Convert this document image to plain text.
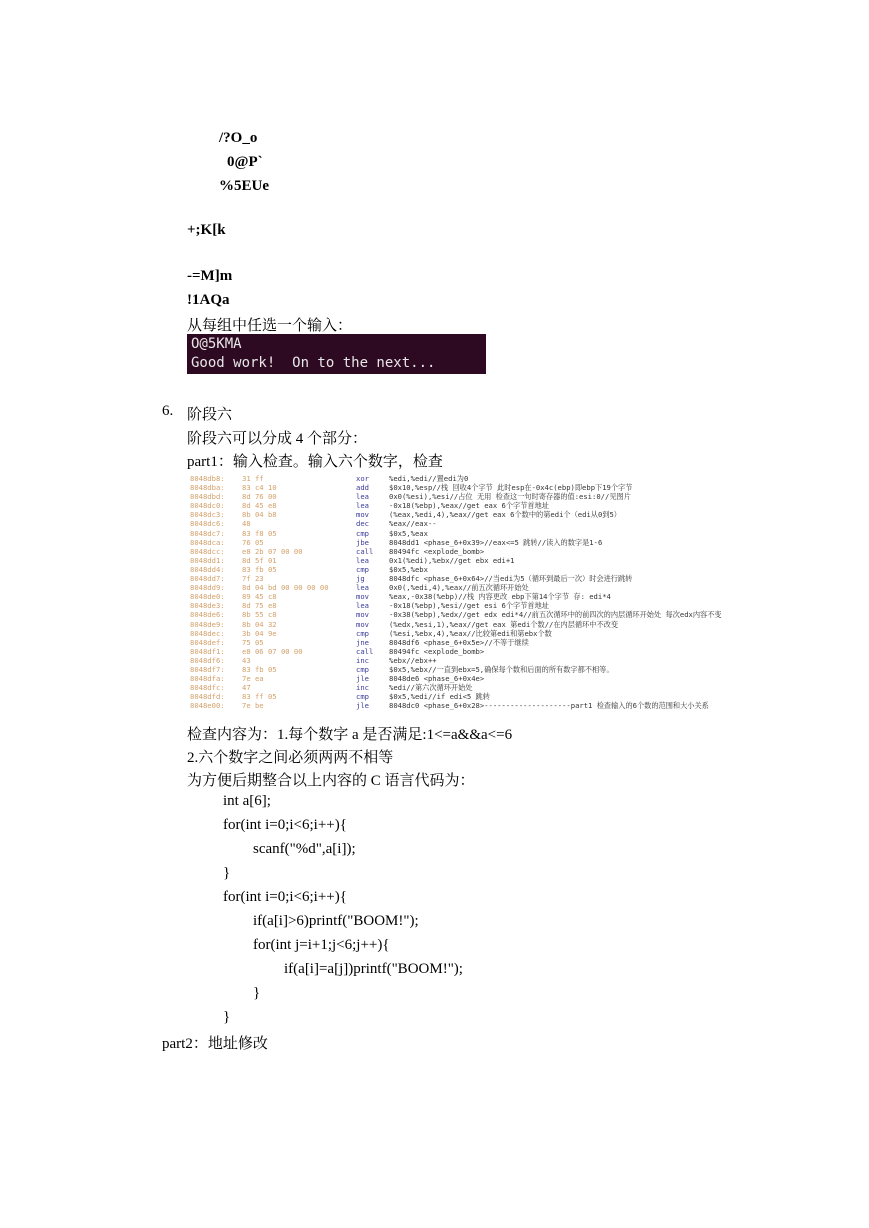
/?O_o
0@P`
%5EUe
+;K[k
-=M]m
!1AQa
从每组中任选一个输入：
O@5KMA
Good work!  On to the next...
6. 阶段六
阶段六可以分成 4 个部分：
part1：输入检查。输入六个数字，检查
8048db8: 31 ff	xor	%edi,%edi//置edi为0
8048dba: 83 c4 10	add	$0x10,%esp//栈 回收4个字节 此时esp在-0x4c(ebp)即ebp下19个字节
8048dbd: 8d 76 00	lea	0x0(%esi),%esi//占位 无用 检查这一句时寄存器的值:esi:0//见图片
8048dc0: 8d 45 e8	lea	-0x18(%ebp),%eax//get eax 6个字节首地址
8048dc3: 8b 04 b8	mov	(%eax,%edi,4),%eax//get eax 6个数中的第edi个（edi从0到5）
8048dc6: 48	dec	%eax//eax--
8048dc7: 83 f8 05	cmp	$0x5,%eax
8048dca: 76 05	jbe	8048dd1 <phase_6+0x39>//eax<=5 跳转//读入的数字是1-6
8048dcc: e8 2b 07 00 00	call 80494fc <explode_bomb>
8048dd1: 8d 5f 01	lea	0x1(%edi),%ebx//get ebx edi+1
8048dd4: 83 fb 05	cmp	$0x5,%ebx
8048dd7: 7f 23	jg	8048dfc <phase_6+0x64>//当edi为5（循环到最后一次）时会进行跳转
8048dd9: 8d 04 bd 00 00 00 00	lea	0x0(,%edi,4),%eax//前五次循环开始处
8048de0: 89 45 c8	mov	%eax,-0x38(%ebp)//栈 内容更改 ebp下第14个字节 存: edi*4
8048de3: 8d 75 e8	lea	-0x18(%ebp),%esi//get esi 6个字节首地址
8048de6: 8b 55 c8	mov	-0x38(%ebp),%edx//get edx edi*4//前五次循环中的前四次的内层循环开始处 每次edx内容不变
8048de9: 8b 04 32	mov	(%edx,%esi,1),%eax//get eax 第edi个数//在内层循环中不改变
8048dec: 3b 04 9e	cmp	(%esi,%ebx,4),%eax//比较第edi和第ebx个数
8048def: 75 05	jne	8048df6 <phase_6+0x5e>//不等于继续
8048df1: e8 06 07 00 00	call 80494fc <explode_bomb>
8048df6: 43	inc	%ebx//ebx++
8048df7: 83 fb 05	cmp	$0x5,%ebx//一直到ebx=5,确保每个数和后面的所有数字都不相等。
8048dfa: 7e ea	jle	8048de6 <phase_6+0x4e>
8048dfc: 47	inc	%edi//第六次循环开始处
8048dfd: 83 ff 05	cmp	$0x5,%edi//if edi<5 跳转
8048e00: 7e be	jle	8048dc0 <phase_6+0x28>--------------------part1 检查输入的6个数的范围和大小关系
检查内容为：1.每个数字 a 是否满足:1<=a&&a<=6
2.六个数字之间必须两两不相等
为方便后期整合以上内容的 C 语言代码为：
int a[6];
for(int i=0;i<6;i++){
scanf("%d",a[i]);
}
for(int i=0;i<6;i++){
if(a[i]>6)printf("BOOM!");
for(int j=i+1;j<6;j++){
if(a[i]=a[j])printf("BOOM!");
}
}
part2：地址修改
